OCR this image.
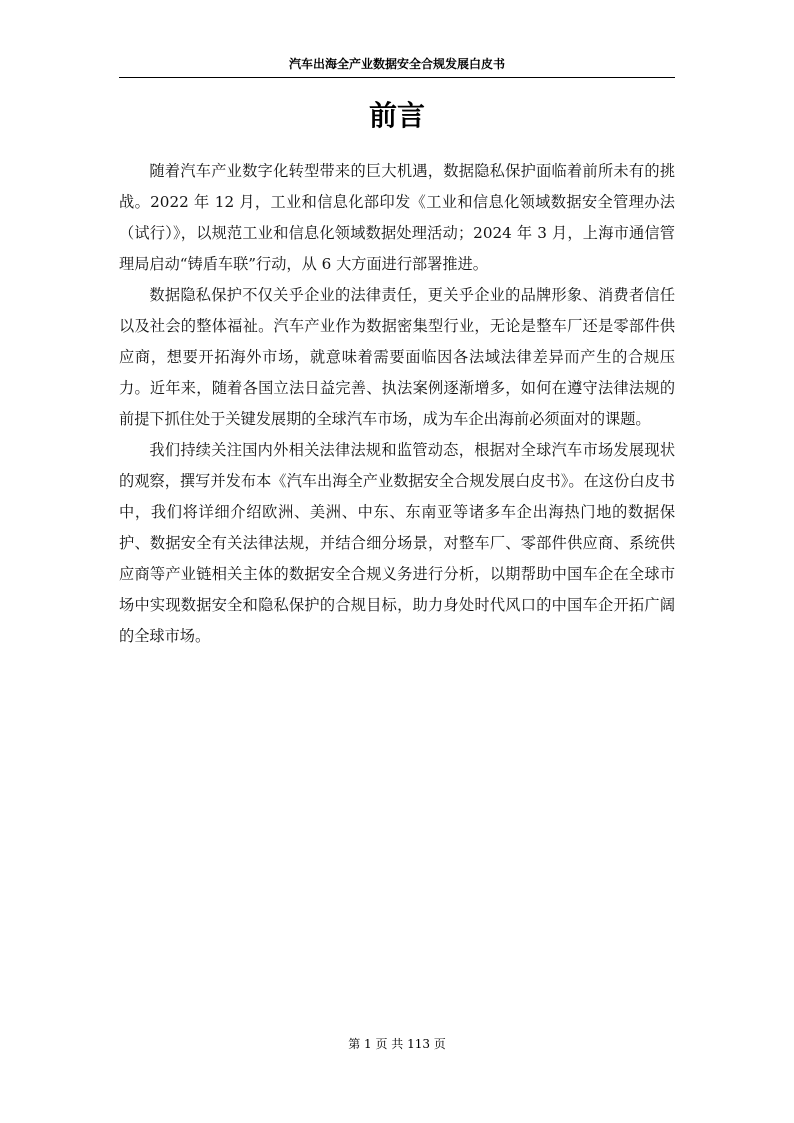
汽车出海全产业数据安全合规发展白皮书
前言

随着汽车产业数字化转型带来的巨大机遇，数据隐私保护面临着前所未有的挑战。2022 年 12 月，工业和信息化部印发《工业和信息化领域数据安全管理办法（试行）》，以规范工业和信息化领域数据处理活动；2024 年 3 月，上海市通信管理局启动“铸盾车联”行动，从 6 大方面进行部署推进。

数据隐私保护不仅关乎企业的法律责任，更关乎企业的品牌形象、消费者信任以及社会的整体福祉。汽车产业作为数据密集型行业，无论是整车厂还是零部件供应商，想要开拓海外市场，就意味着需要面临因各法域法律差异而产生的合规压力。近年来，随着各国立法日益完善、执法案例逐渐增多，如何在遵守法律法规的前提下抓住处于关键发展期的全球汽车市场，成为车企出海前必须面对的课题。

我们持续关注国内外相关法律法规和监管动态，根据对全球汽车市场发展现状的观察，撰写并发布本《汽车出海全产业数据安全合规发展白皮书》。在这份白皮书中，我们将详细介绍欧洲、美洲、中东、东南亚等诸多车企出海热门地的数据保护、数据安全有关法律法规，并结合细分场景，对整车厂、零部件供应商、系统供应商等产业链相关主体的数据安全合规义务进行分析，以期帮助中国车企在全球市场中实现数据安全和隐私保护的合规目标，助力身处时代风口的中国车企开拓广阔的全球市场。

第 1 页 共 113 页
